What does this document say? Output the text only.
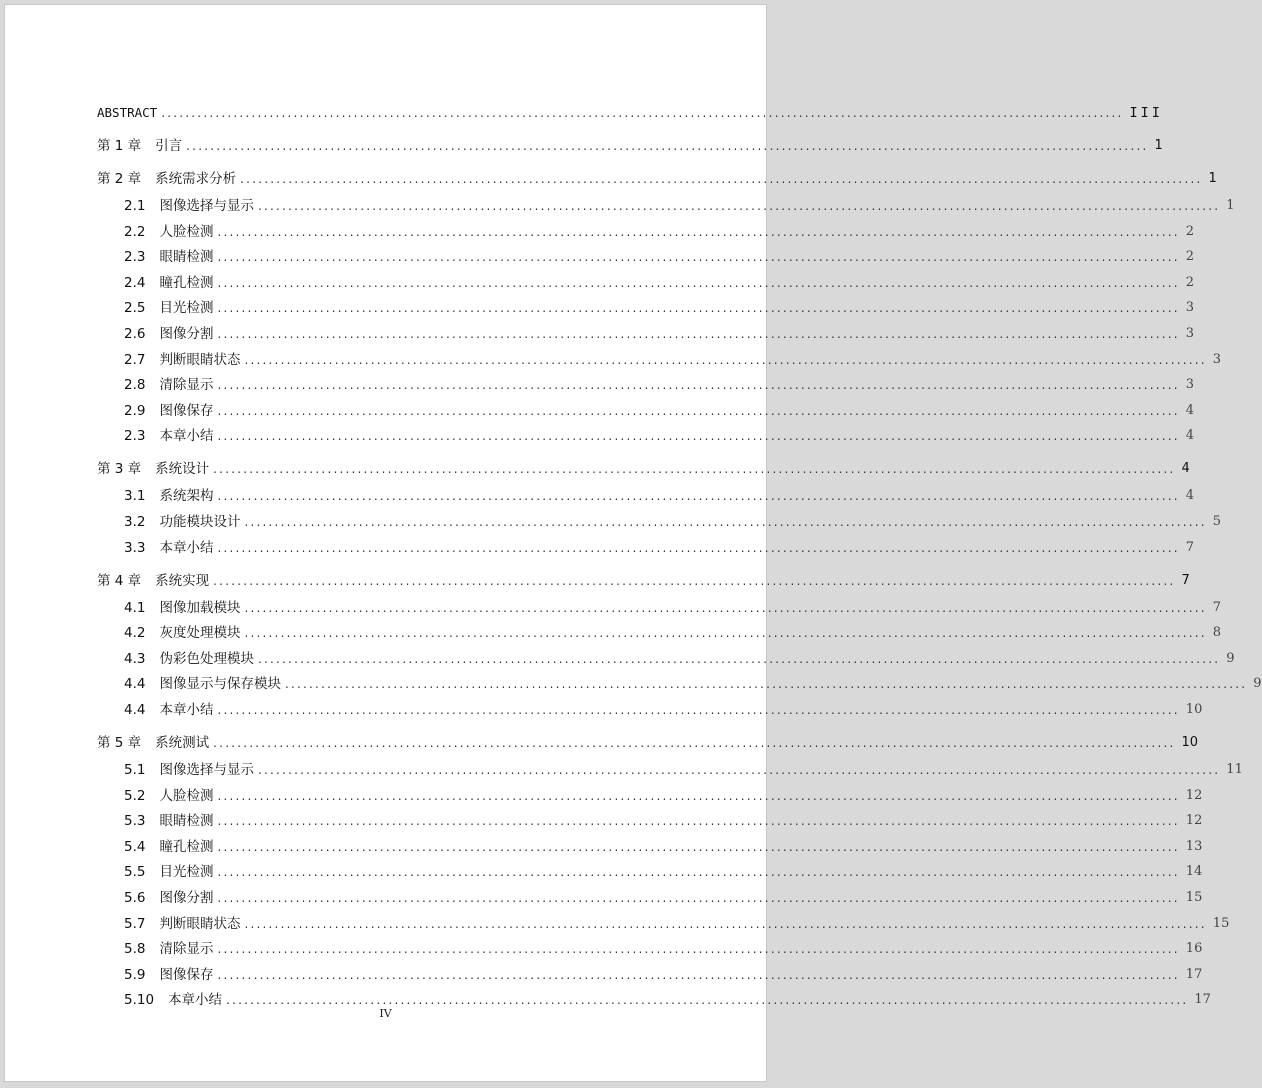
ABSTRACT ................................................................................................................................................................ III
第 1 章 引言 ................................................................................................................................................................ 1
第 2 章 系统需求分析 ................................................................................................................................................................ 1
2.1 图像选择与显示 ................................................................................................................................................................ 1
2.2 人脸检测 ................................................................................................................................................................ 2
2.3 眼睛检测 ................................................................................................................................................................ 2
2.4 瞳孔检测 ................................................................................................................................................................ 2
2.5 目光检测 ................................................................................................................................................................ 3
2.6 图像分割 ................................................................................................................................................................ 3
2.7 判断眼睛状态 ................................................................................................................................................................ 3
2.8 清除显示 ................................................................................................................................................................ 3
2.9 图像保存 ................................................................................................................................................................ 4
2.3 本章小结 ................................................................................................................................................................ 4
第 3 章 系统设计 ................................................................................................................................................................ 4
3.1 系统架构 ................................................................................................................................................................ 4
3.2 功能模块设计 ................................................................................................................................................................ 5
3.3 本章小结 ................................................................................................................................................................ 7
第 4 章 系统实现 ................................................................................................................................................................ 7
4.1 图像加载模块 ................................................................................................................................................................ 7
4.2 灰度处理模块 ................................................................................................................................................................ 8
4.3 伪彩色处理模块 ................................................................................................................................................................ 9
4.4 图像显示与保存模块 ................................................................................................................................................................ 9
4.4 本章小结 ................................................................................................................................................................ 10
第 5 章 系统测试 ................................................................................................................................................................ 10
5.1 图像选择与显示 ................................................................................................................................................................ 11
5.2 人脸检测 ................................................................................................................................................................ 12
5.3 眼睛检测 ................................................................................................................................................................ 12
5.4 瞳孔检测 ................................................................................................................................................................ 13
5.5 目光检测 ................................................................................................................................................................ 14
5.6 图像分割 ................................................................................................................................................................ 15
5.7 判断眼睛状态 ................................................................................................................................................................ 15
5.8 清除显示 ................................................................................................................................................................ 16
5.9 图像保存 ................................................................................................................................................................ 17
5.10 本章小结 ................................................................................................................................................................ 17
IV
